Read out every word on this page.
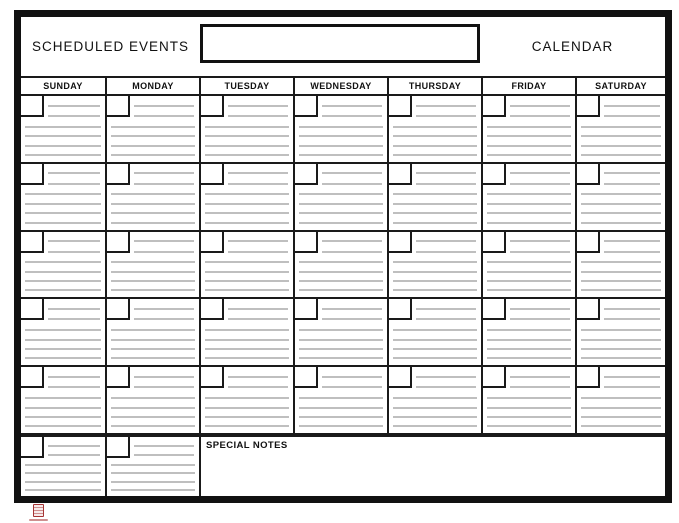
SCHEDULED EVENTS	CALENDAR
SUNDAY	MONDAY	TUESDAY	WEDNESDAY	THURSDAY	FRIDAY	SATURDAY
SPECIAL NOTES
